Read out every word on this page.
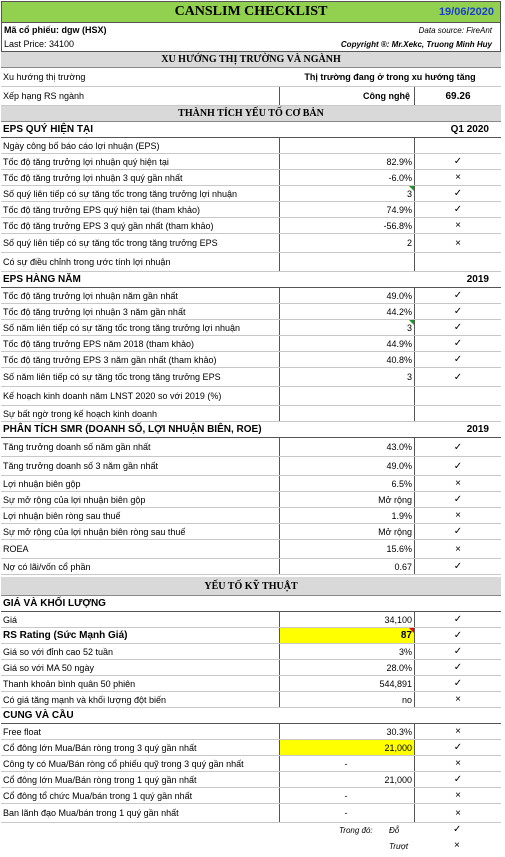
CANSLIM CHECKLIST	19/06/2020
Mã cổ phiếu: dgw (HSX)	Data source: FireAnt
Last Price: 34100	Copyright ®: Mr.Xekc, Truong Minh Huy
XU HƯỚNG THỊ TRƯỜNG VÀ NGÀNH
Xu hướng thị trường	Thị trường đang ở trong xu hướng tăng
Xếp hạng RS ngành	Công nghệ	69.26
THÀNH TÍCH YẾU TỐ CƠ BẢN
EPS QUÝ HIỆN TẠI	Q1 2020
Ngày công bố báo cáo lợi nhuận (EPS)
Tốc độ tăng trưởng lợi nhuận quý hiện tại	82.9%	✓
Tốc độ tăng trưởng lợi nhuận 3 quý gần nhất	-6.0%	×
Số quý liên tiếp có sự tăng tốc trong tăng trưởng lợi nhuận	3	✓
Tốc độ tăng trưởng EPS quý hiện tại (tham khảo)	74.9%	✓
Tốc độ tăng trưởng EPS 3 quý gần nhất (tham khảo)	-56.8%	×
Số quý liên tiếp có sự tăng tốc trong tăng trưởng EPS	2	×
Có sự điều chỉnh trong ước tính lợi nhuận
EPS HÀNG NĂM	2019
Tốc độ tăng trưởng lợi nhuận năm gần nhất	49.0%	✓
Tốc độ tăng trưởng lợi nhuận 3 năm gần nhất	44.2%	✓
Số năm liên tiếp có sự tăng tốc trong tăng trưởng lợi nhuận	3	✓
Tốc độ tăng trưởng EPS năm 2018 (tham khảo)	44.9%	✓
Tốc độ tăng trưởng EPS 3 năm gần nhất (tham khảo)	40.8%	✓
Số năm liên tiếp có sự tăng tốc trong tăng trưởng EPS	3	✓
Kế hoạch kinh doanh năm LNST 2020 so với 2019 (%)
Sự bất ngờ trong kế hoạch kinh doanh
PHÂN TÍCH SMR (DOANH SỐ, LỢI NHUẬN BIÊN, ROE)	2019
Tăng trưởng doanh số năm gần nhất	43.0%	✓
Tăng trưởng doanh số 3 năm gần nhất	49.0%	✓
Lợi nhuận biên gộp	6.5%	×
Sự mở rộng của lợi nhuận biên gộp	Mở rộng	✓
Lợi nhuận biên ròng sau thuế	1.9%	×
Sự mở rộng của lợi nhuận biên ròng sau thuế	Mở rộng	✓
ROEA	15.6%	×
Nợ có lãi/vốn cổ phần	0.67	✓
YẾU TỐ KỸ THUẬT
GIÁ VÀ KHỐI LƯỢNG
Giá	34,100	✓
RS Rating (Sức Mạnh Giá)	87	✓
Giá so với đỉnh cao 52 tuần	3%	✓
Giá so với MA 50 ngày	28.0%	✓
Thanh khoản bình quân 50 phiên	544,891	✓
Có giá tăng mạnh và khối lượng đột biến	no	×
CUNG VÀ CẦU
Free float	30.3%	×
Cổ đông lớn Mua/Bán ròng trong 3 quý gần nhất	21,000	✓
Công ty có Mua/Bán ròng cổ phiếu quỹ trong 3 quý gần nhất	-	×
Cổ đông lớn Mua/Bán ròng trong 1 quý gần nhất	21,000	✓
Cổ đông tổ chức Mua/bán trong 1 quý gần nhất	-	×
Ban lãnh đạo Mua/bán trong 1 quý gần nhất	-	×
Trong đó: Đỗ	✓
Trượt	×
